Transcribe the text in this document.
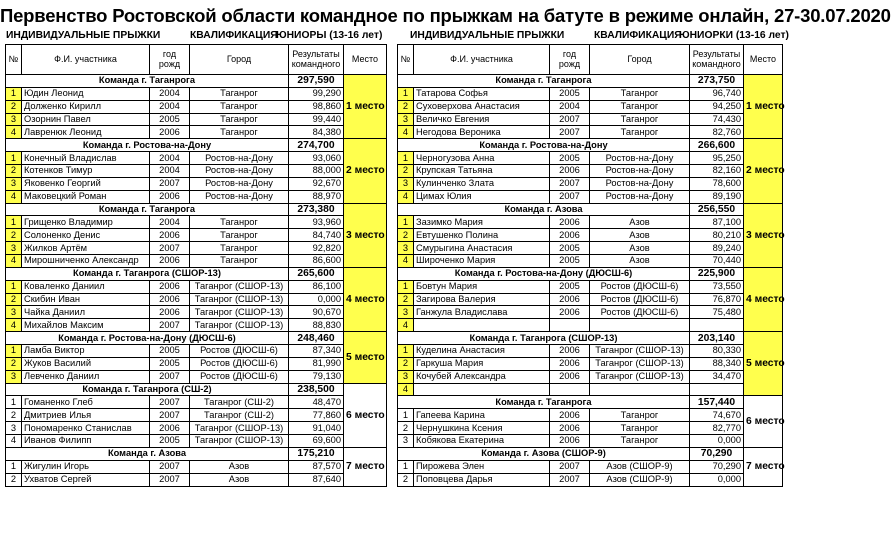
Первенство Ростовской области командное по прыжкам на батуте в режиме онлайн, 27-30.07.2020
ИНДИВИДУАЛЬНЫЕ ПРЫЖКИ	КВАЛИФИКАЦИЯ
ЮНИОРЫ (13-16 лет)	ИНДИВИДУАЛЬНЫЕ ПРЫЖКИ	КВАЛИФИКАЦИЯ
ЮНИОРКИ (13-16 лет)
№	Ф.И. участника	год рожд	Город	Результаты командного	Место
Команда г. Таганрога				297,590	1 место
1	Юдин Леонид	2004	Таганрог	99,290	
2	Долженко Кирилл	2004	Таганрог	98,860	
3	Озорнин Павел	2005	Таганрог	99,440	
4	Лавренюк Леонид	2006	Таганрог	84,380	
Команда г. Ростова-на-Дону				274,700	2 место
1	Конечный Владислав	2004	Ростов-на-Дону	93,060	
2	Котенков Тимур	2004	Ростов-на-Дону	88,000	
3	Яковенко Георгий	2007	Ростов-на-Дону	92,670	
4	Маковецкий Роман	2006	Ростов-на-Дону	88,970	
Команда г. Таганрога				273,380	3 место
1	Грищенко Владимир	2004	Таганрог	93,960	
2	Солоненко Денис	2006	Таганрог	84,740	
3	Жилков Артём	2007	Таганрог	92,820	
4	Мирошниченко Александр	2006	Таганрог	86,600	
Команда г. Таганрога (СШОР-13)				265,600	4 место
1	Коваленко Даниил	2006	Таганрог (СШОР-13)	86,100	
2	Скибин Иван	2006	Таганрог (СШОР-13)	0,000	
3	Чайка Даниил	2006	Таганрог (СШОР-13)	90,670	
4	Михайлов Максим	2007	Таганрог (СШОР-13)	88,830	
Команда г. Ростова-на-Дону (ДЮСШ-6)				248,460	5 место
1	Ламба Виктор	2005	Ростов (ДЮСШ-6)	87,340	
2	Жуков Василий	2005	Ростов (ДЮСШ-6)	81,990	
3	Левченко Даниил	2007	Ростов (ДЮСШ-6)	79,130	
Команда г. Таганрога (СШ-2)				238,500	6 место
1	Гоманенко Глеб	2007	Таганрог (СШ-2)	48,470	
2	Дмитриев Илья	2007	Таганрог (СШ-2)	77,860	
3	Пономаренко Станислав	2006	Таганрог (СШОР-13)	91,040	
4	Иванов Филипп	2005	Таганрог (СШОР-13)	69,600	
Команда г. Азова				175,210	7 место
1	Жигулин Игорь	2007	Азов	87,570	
2	Ухватов Сергей	2007	Азов	87,640	
№	Ф.И. участника	год рожд	Город	Результаты командного	Место
Команда г. Таганрога				273,750	1 место
1	Татарова Софья	2005	Таганрог	96,740	
2	Суховерхова Анастасия	2004	Таганрог	94,250	
3	Величко Евгения	2007	Таганрог	74,430	
4	Негодова Вероника	2007	Таганрог	82,760	
Команда г. Ростова-на-Дону				266,600	2 место
1	Черногузова Анна	2005	Ростов-на-Дону	95,250	
2	Крупская Татьяна	2006	Ростов-на-Дону	82,160	
3	Кулинченко Злата	2007	Ростов-на-Дону	78,600	
4	Цимах Юлия	2007	Ростов-на-Дону	89,190	
Команда г. Азова				256,550	3 место
1	Зазимко Мария	2006	Азов	87,100	
2	Евтушенко Полина	2006	Азов	80,210	
3	Смурыгина Анастасия	2005	Азов	89,240	
4	Широченко Мария	2005	Азов	70,440	
Команда г. Ростова-на-Дону (ДЮСШ-6)				225,900	4 место
1	Бовтун Мария	2005	Ростов (ДЮСШ-6)	73,550	
2	Загирова Валерия	2006	Ростов (ДЮСШ-6)	76,870	
3	Ганжула Владислава	2006	Ростов (ДЮСШ-6)	75,480	
4					
Команда г. Таганрога (СШОР-13)				203,140	5 место
1	Куделина Анастасия	2006	Таганрог (СШОР-13)	80,330	
2	Гаркуша Мария	2006	Таганрог (СШОР-13)	88,340	
3	Кочубей Александра	2006	Таганрог (СШОР-13)	34,470	
4					
Команда г. Таганрога				157,440	6 место
1	Гапеева Карина	2006	Таганрог	74,670	
2	Чернушкина Ксения	2006	Таганрог	82,770	
3	Кобякова Екатерина	2006	Таганрог	0,000	
Команда г. Азова (СШОР-9)				70,290	7 место
1	Пирожева Элен	2007	Азов (СШОР-9)	70,290	
2	Поповцева Дарья	2007	Азов (СШОР-9)	0,000	
